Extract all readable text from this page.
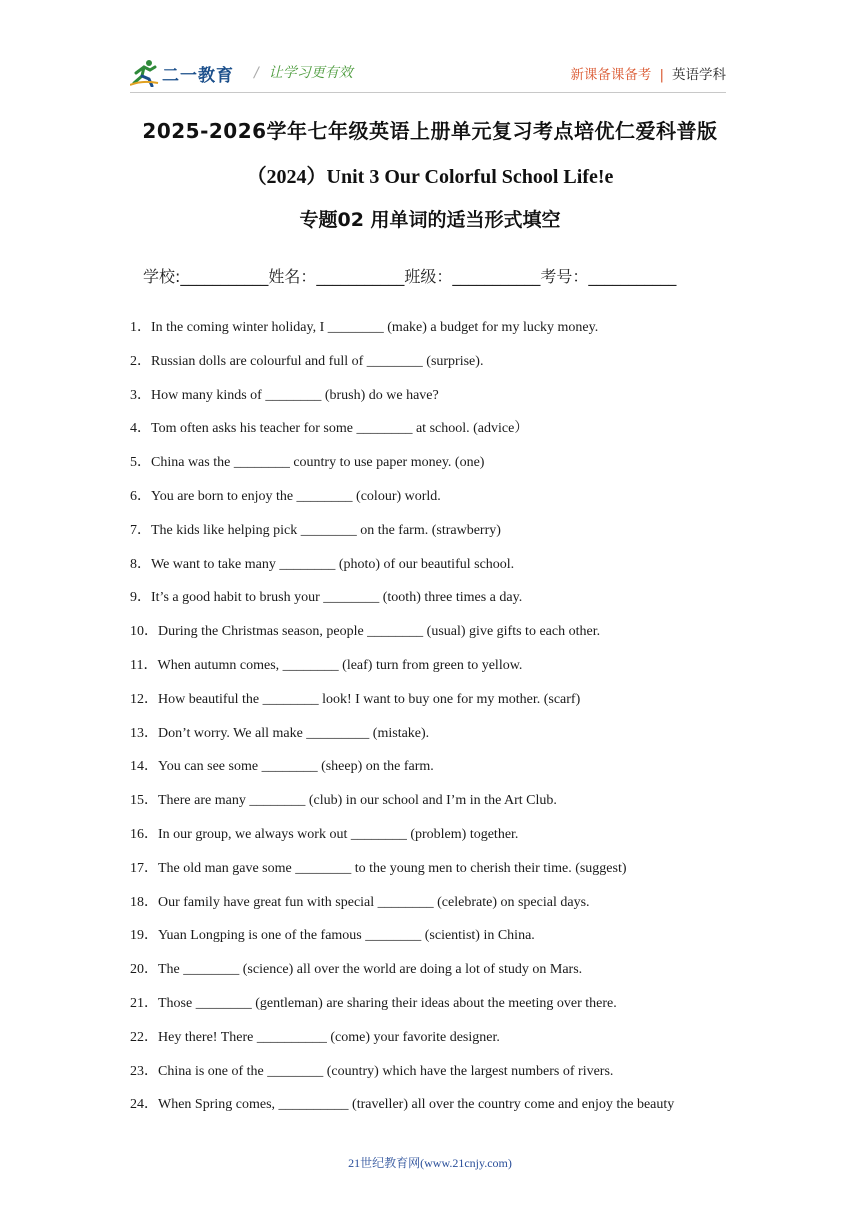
二一教育 / 让学习更有效	新课备课备考 | 英语学科
2025-2026学年七年级英语上册单元复习考点培优仁爱科普版
（2024）Unit 3 Our Colorful School Life!e
专题02 用单词的适当形式填空
学校:___________姓名：___________班级：___________考号：___________
1．In the coming winter holiday, I ________ (make) a budget for my lucky money.
2．Russian dolls are colourful and full of ________ (surprise).
3．How many kinds of ________ (brush) do we have?
4．Tom often asks his teacher for some ________ at school. (advice）
5．China was the ________ country to use paper money. (one)
6．You are born to enjoy the ________ (colour) world.
7．The kids like helping pick ________ on the farm. (strawberry)
8．We want to take many ________ (photo) of our beautiful school.
9．It’s a good habit to brush your ________ (tooth) three times a day.
10．During the Christmas season, people ________ (usual) give gifts to each other.
11．When autumn comes, ________ (leaf) turn from green to yellow.
12．How beautiful the ________ look! I want to buy one for my mother. (scarf)
13．Don’t worry. We all make _________ (mistake).
14．You can see some ________ (sheep) on the farm.
15．There are many ________ (club) in our school and I’m in the Art Club.
16．In our group, we always work out ________ (problem) together.
17．The old man gave some ________ to the young men to cherish their time. (suggest)
18．Our family have great fun with special ________ (celebrate) on special days.
19．Yuan Longping is one of the famous ________ (scientist) in China.
20．The ________ (science) all over the world are doing a lot of study on Mars.
21．Those ________ (gentleman) are sharing their ideas about the meeting over there.
22．Hey there! There __________ (come) your favorite designer.
23．China is one of the ________ (country) which have the largest numbers of rivers.
24．When Spring comes, __________ (traveller) all over the country come and enjoy the beauty
21世纪教育网(www.21cnjy.com)
